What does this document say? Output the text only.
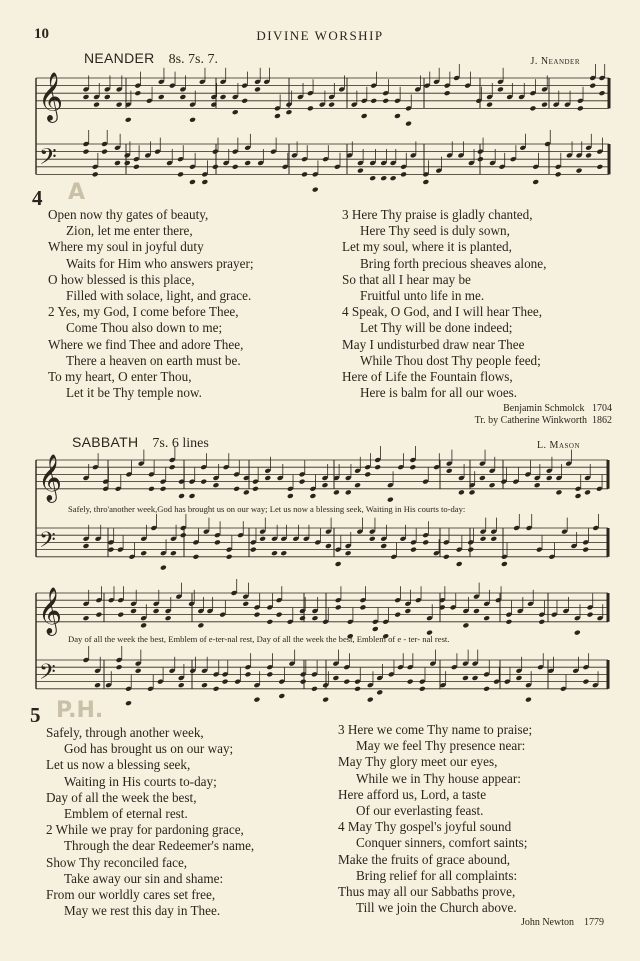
10	DIVINE WORSHIP
NEANDER 8s. 7s. 7.	J. Neander
𝄞
𝄢
𝄞
𝄢
𝄞
𝄢
4 A
Open now thy gates of beauty,
Zion, let me enter there,
Where my soul in joyful duty
Waits for Him who answers prayer;
O how blessed is this place,
Filled with solace, light, and grace.
2 Yes, my God, I come before Thee,
Come Thou also down to me;
Where we find Thee and adore Thee,
There a heaven on earth must be.
To my heart, O enter Thou,
Let it be Thy temple now.
3 Here Thy praise is gladly chanted,
Here Thy seed is duly sown,
Let my soul, where it is planted,
Bring forth precious sheaves alone,
So that all I hear may be
Fruitful unto life in me.
4 Speak, O God, and I will hear Thee,
Let Thy will be done indeed;
May I undisturbed draw near Thee
While Thou dost Thy people feed;
Here of Life the Fountain flows,
Here is balm for all our woes.
Benjamin Schmolck 1704
Tr. by Catherine Winkworth 1862
SABBATH 7s. 6 lines	L. Mason
Safely, thro'another week,God has brought us on our way; Let us now a blessing seek, Waiting in His courts to-day:
Day of all the week the best, Emblem of e-ter-nal rest, Day of all the week the best, Emblem of e - ter- nal rest.
5 P.H.
Safely, through another week,
God has brought us on our way;
Let us now a blessing seek,
Waiting in His courts to-day;
Day of all the week the best,
Emblem of eternal rest.
2 While we pray for pardoning grace,
Through the dear Redeemer's name,
Show Thy reconciled face,
Take away our sin and shame:
From our worldly cares set free,
May we rest this day in Thee.
3 Here we come Thy name to praise;
May we feel Thy presence near:
May Thy glory meet our eyes,
While we in Thy house appear:
Here afford us, Lord, a taste
Of our everlasting feast.
4 May Thy gospel's joyful sound
Conquer sinners, comfort saints;
Make the fruits of grace abound,
Bring relief for all complaints:
Thus may all our Sabbaths prove,
Till we join the Church above.
John Newton 1779
